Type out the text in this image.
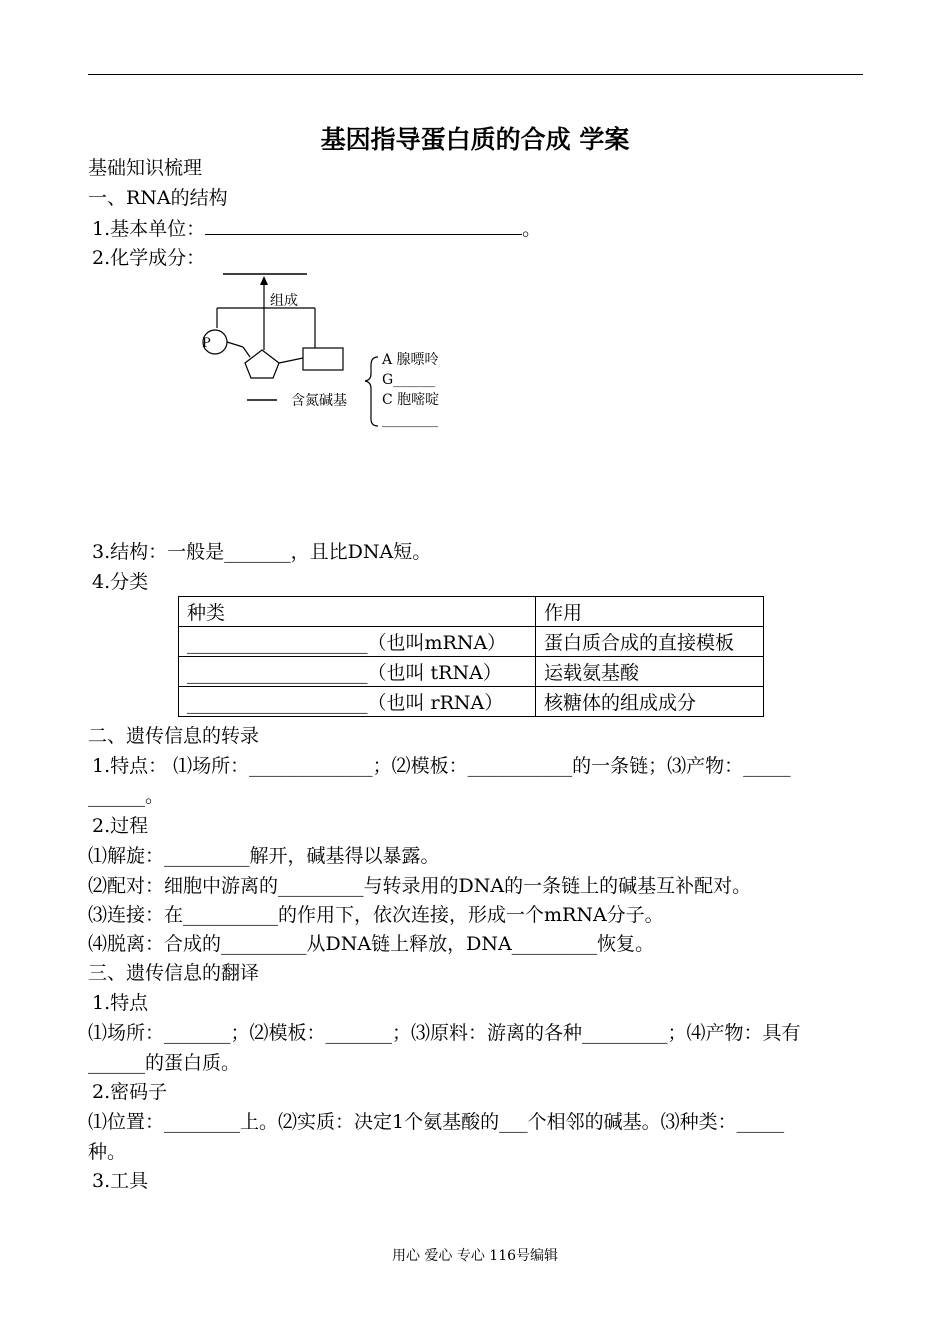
基因指导蛋白质的合成 学案
基础知识梳理
一、RNA的结构
1.基本单位：	。
2.化学成分：
P
组成
含氮碱基
A 腺嘌呤
G______
C 胞嘧啶
________
3.结构：一般是_______，且比DNA短。
4.分类
种类	作用
___________________（也叫mRNA）	蛋白质合成的直接模板
___________________（也叫 tRNA）	运载氨基酸
___________________（也叫 rRNA）	核糖体的组成成分
二、遗传信息的转录
1.特点： ⑴场所：_____________；⑵模板：___________的一条链；⑶产物：_____
______。
2.过程
⑴解旋：_________解开，碱基得以暴露。
⑵配对：细胞中游离的_________与转录用的DNA的一条链上的碱基互补配对。
⑶连接：在__________的作用下，依次连接，形成一个mRNA分子。
⑷脱离：合成的_________从DNA链上释放，DNA_________恢复。
三、遗传信息的翻译
1.特点
⑴场所：_______；⑵模板：_______；⑶原料：游离的各种_________；⑷产物：具有
______的蛋白质。
2.密码子
⑴位置：________上。⑵实质：决定1个氨基酸的___个相邻的碱基。⑶种类：_____
种。
3.工具
用心 爱心 专心 116号编辑
